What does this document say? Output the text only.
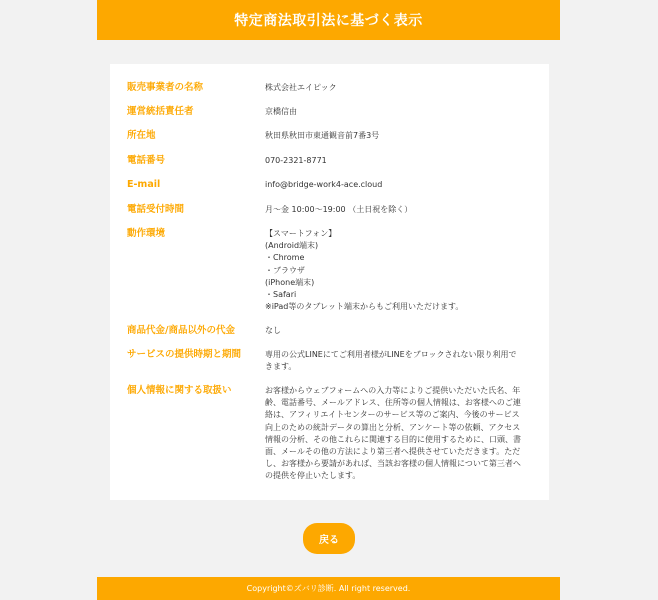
特定商法取引法に基づく表示
販売事業者の名称	株式会社エイピック
運営統括責任者	京橋信由
所在地	秋田県秋田市東通観音前7番3号
電話番号	070-2321-8771
E-mail	info@bridge-work4-ace.cloud
電話受付時間	月〜金 10:00〜19:00 （土日祝を除く）
動作環境	【スマートフォン】
(Android端末)
・Chrome
・ブラウザ
(iPhone端末)
・Safari
※iPad等のタブレット端末からもご利用いただけます。
商品代金/商品以外の代金	なし
サービスの提供時期と期間	専用の公式LINEにてご利用者様がLINEをブロックされない限り利用で
きます。
個人情報に関する取扱い	お客様からウェブフォームへの入力等によりご提供いただいた氏名、年
齢、電話番号、メールアドレス、住所等の個人情報は、お客様へのご連
絡は、アフィリエイトセンターのサービス等のご案内、今後のサービス
向上のための統計データの算出と分析、アンケート等の依頼、アクセス
情報の分析、その他これらに関連する目的に使用するために、口頭、書
面、メールその他の方法により第三者へ提供させていただきます。ただ
し、お客様から要請があれば、当該お客様の個人情報について第三者へ
の提供を停止いたします。
戻る
Copyright©ズバリ診断. All right reserved.
